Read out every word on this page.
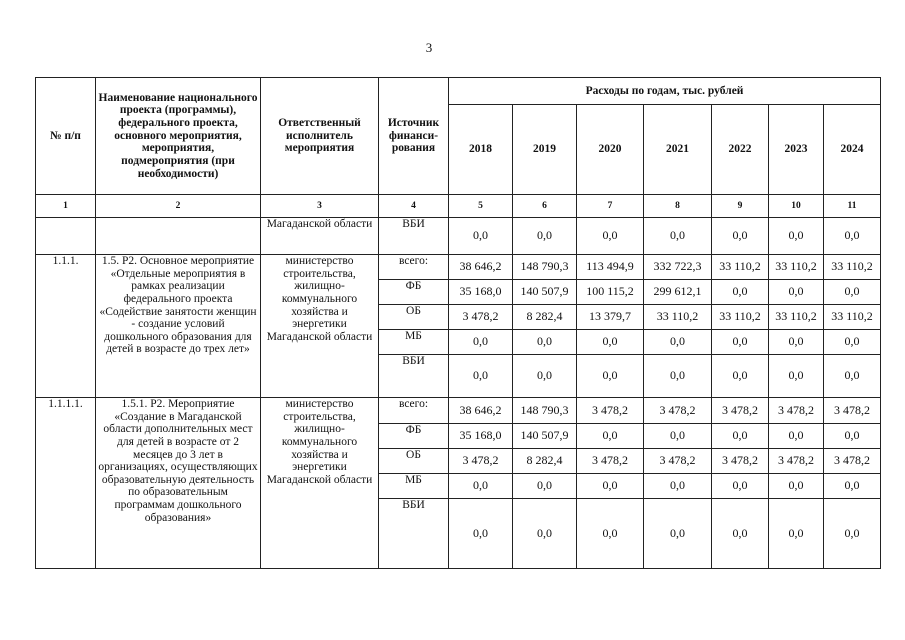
3
№ п/п	Наименование национального проекта (программы), федерального проекта, основного мероприятия, мероприятия, подмероприятия (при необходимости)	Ответственный исполнитель мероприятия	Источник финанси-рования	Расходы по годам, тыс. рублей						
				2018	2019	2020	2021	2022	2023	2024
1	2	3	4	5	6	7	8	9	10	11
		Магаданской области	ВБИ	0,0	0,0	0,0	0,0	0,0	0,0	0,0
1.1.1.	1.5. Р2. Основное мероприятие «Отдельные мероприятия в рамках реализации федерального проекта «Содействие занятости женщин - создание условий дошкольного образования для детей в возрасте до трех лет»	министерство строительства, жилищно-коммунального хозяйства и энергетики Магаданской области	всего:	38 646,2	148 790,3	113 494,9	332 722,3	33 110,2	33 110,2	33 110,2
			ФБ	35 168,0	140 507,9	100 115,2	299 612,1	0,0	0,0	0,0
			ОБ	3 478,2	8 282,4	13 379,7	33 110,2	33 110,2	33 110,2	33 110,2
			МБ	0,0	0,0	0,0	0,0	0,0	0,0	0,0
			ВБИ	0,0	0,0	0,0	0,0	0,0	0,0	0,0
1.1.1.1.	1.5.1. Р2. Мероприятие «Создание в Магаданской области дополнительных мест для детей в возрасте от 2 месяцев до 3 лет в организациях, осуществляющих образовательную деятельность по образовательным программам дошкольного образования»	министерство строительства, жилищно-коммунального хозяйства и энергетики Магаданской области	всего:	38 646,2	148 790,3	3 478,2	3 478,2	3 478,2	3 478,2	3 478,2
			ФБ	35 168,0	140 507,9	0,0	0,0	0,0	0,0	0,0
			ОБ	3 478,2	8 282,4	3 478,2	3 478,2	3 478,2	3 478,2	3 478,2
			МБ	0,0	0,0	0,0	0,0	0,0	0,0	0,0
			ВБИ	0,0	0,0	0,0	0,0	0,0	0,0	0,0
